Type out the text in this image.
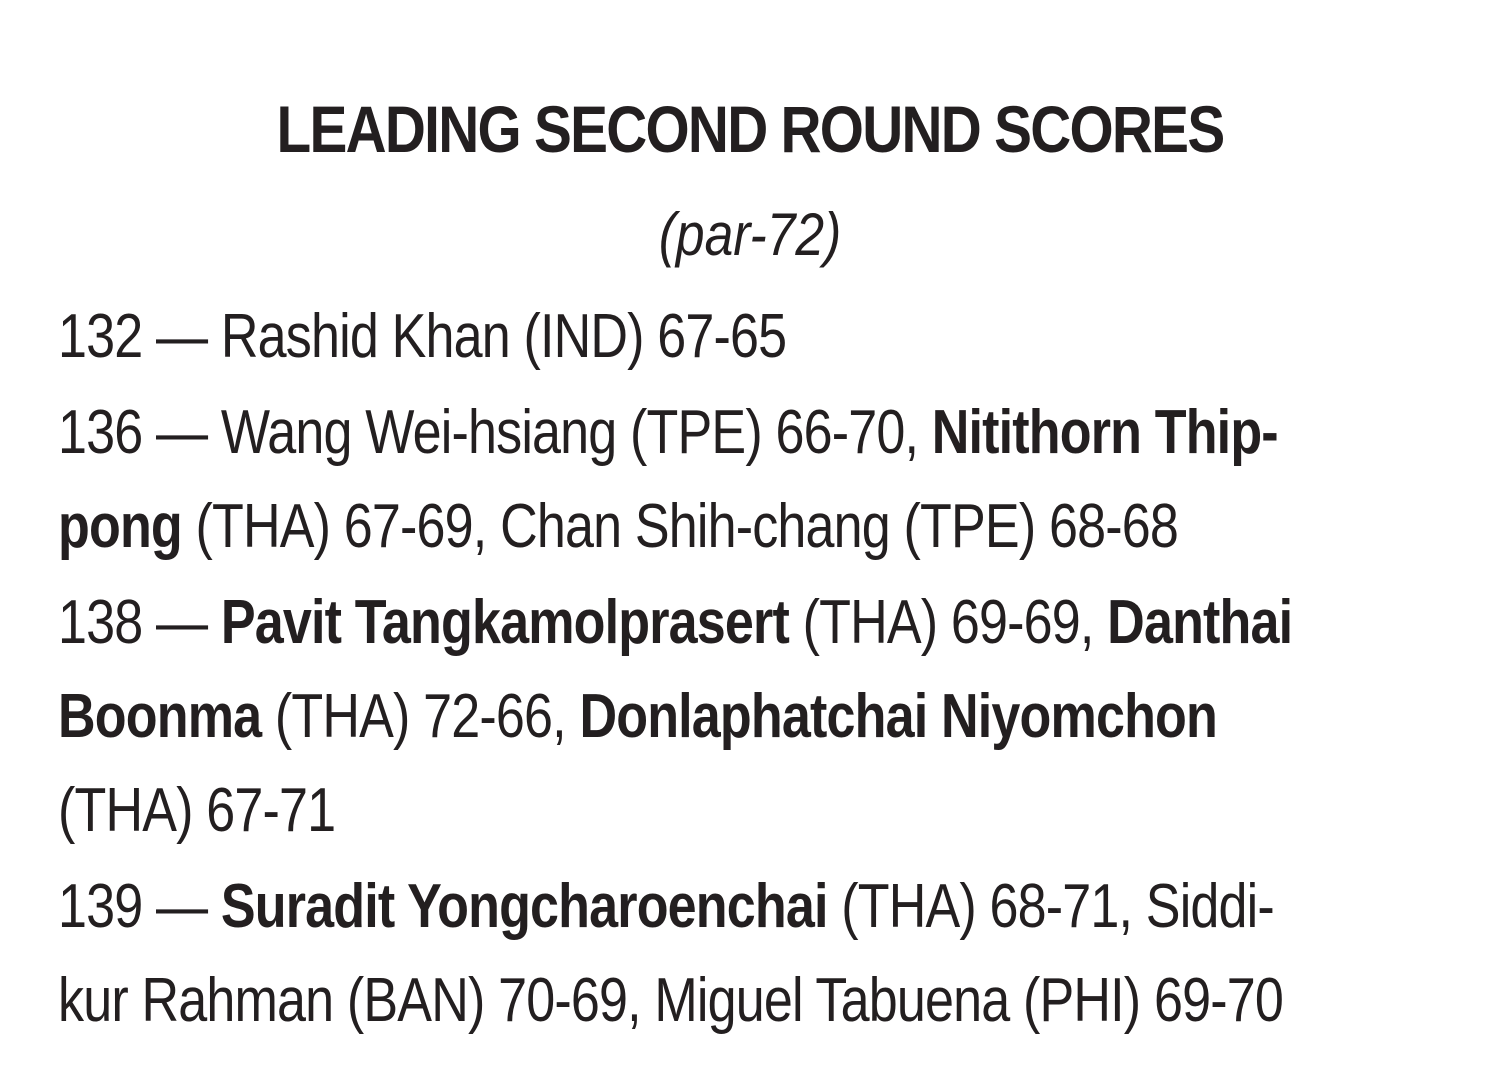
LEADING SECOND ROUND SCORES
(par-72)
132 — Rashid Khan (IND) 67-65
136 — Wang Wei-hsiang (TPE) 66-70, Nitithorn Thip-
pong (THA) 67-69, Chan Shih-chang (TPE) 68-68
138 — Pavit Tangkamolprasert (THA) 69-69, Danthai
Boonma (THA) 72-66, Donlaphatchai Niyomchon
(THA) 67-71
139 — Suradit Yongcharoenchai (THA) 68-71, Siddi-
kur Rahman (BAN) 70-69, Miguel Tabuena (PHI) 69-70
